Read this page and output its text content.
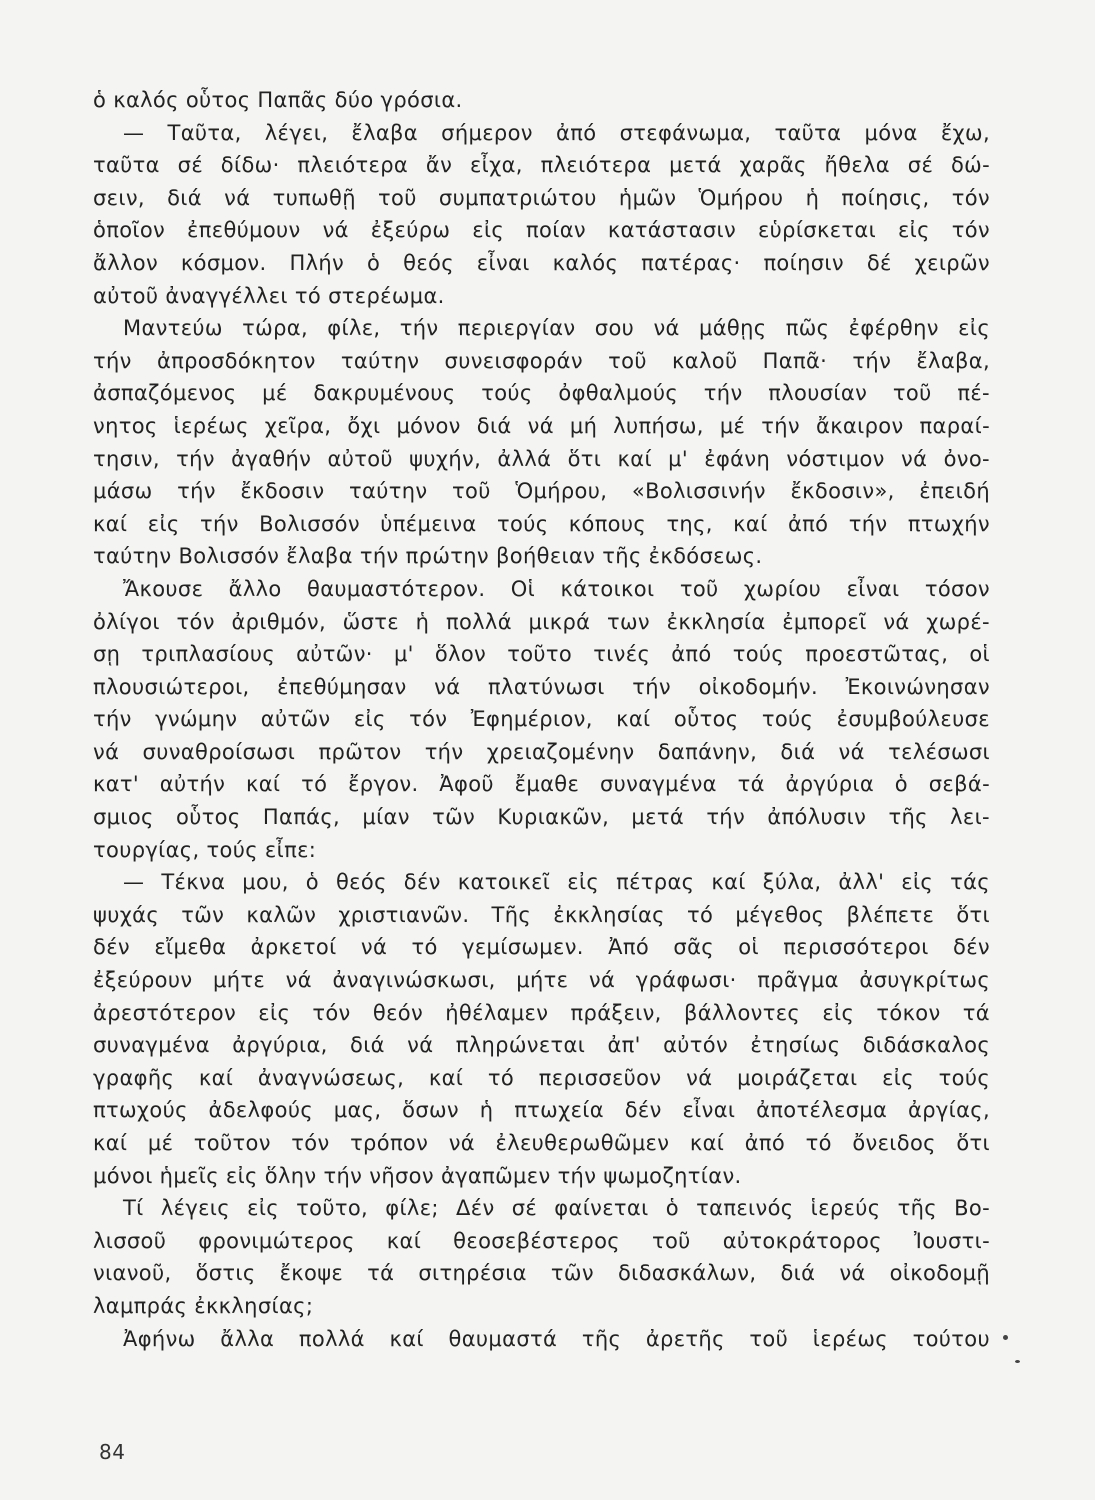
ὁ καλός οὗτος Παπᾶς δύο γρόσια.
— Ταῦτα, λέγει, ἔλαβα σήμερον ἀπό στεφάνωμα, ταῦτα μόνα ἔχω,
ταῦτα σέ δίδω· πλειότερα ἄν εἶχα, πλειότερα μετά χαρᾶς ἤθελα σέ δώ-
σειν, διά νά τυπωθῇ τοῦ συμπατριώτου ἡμῶν Ὁμήρου ἡ ποίησις, τόν
ὁποῖον ἐπεθύμουν νά ἐξεύρω εἰς ποίαν κατάστασιν εὑρίσκεται εἰς τόν
ἄλλον κόσμον. Πλήν ὁ θεός εἶναι καλός πατέρας· ποίησιν δέ χειρῶν
αὐτοῦ ἀναγγέλλει τό στερέωμα.
Μαντεύω τώρα, φίλε, τήν περιεργίαν σου νά μάθῃς πῶς ἐφέρθην εἰς
τήν ἀπροσδόκητον ταύτην συνεισφοράν τοῦ καλοῦ Παπᾶ· τήν ἔλαβα,
ἀσπαζόμενος μέ δακρυμένους τούς ὀφθαλμούς τήν πλουσίαν τοῦ πέ-
νητος ἱερέως χεῖρα, ὄχι μόνον διά νά μή λυπήσω, μέ τήν ἄκαιρον παραί-
τησιν, τήν ἀγαθήν αὐτοῦ ψυχήν, ἀλλά ὅτι καί μ' ἐφάνη νόστιμον νά ὀνο-
μάσω τήν ἔκδοσιν ταύτην τοῦ Ὁμήρου, «Βολισσινήν ἔκδοσιν», ἐπειδή
καί εἰς τήν Βολισσόν ὑπέμεινα τούς κόπους της, καί ἀπό τήν πτωχήν
ταύτην Βολισσόν ἔλαβα τήν πρώτην βοήθειαν τῆς ἐκδόσεως.
Ἄκουσε ἄλλο θαυμαστότερον. Οἱ κάτοικοι τοῦ χωρίου εἶναι τόσον
ὀλίγοι τόν ἀριθμόν, ὥστε ἡ πολλά μικρά των ἐκκλησία ἐμπορεῖ νά χωρέ-
σῃ τριπλασίους αὐτῶν· μ' ὅλον τοῦτο τινές ἀπό τούς προεστῶτας, οἱ
πλουσιώτεροι, ἐπεθύμησαν νά πλατύνωσι τήν οἰκοδομήν. Ἐκοινώνησαν
τήν γνώμην αὐτῶν εἰς τόν Ἐφημέριον, καί οὗτος τούς ἐσυμβούλευσε
νά συναθροίσωσι πρῶτον τήν χρειαζομένην δαπάνην, διά νά τελέσωσι
κατ' αὐτήν καί τό ἔργον. Ἀφοῦ ἔμαθε συναγμένα τά ἀργύρια ὁ σεβά-
σμιος οὗτος Παπάς, μίαν τῶν Κυριακῶν, μετά τήν ἀπόλυσιν τῆς λει-
τουργίας, τούς εἶπε:
— Τέκνα μου, ὁ θεός δέν κατοικεῖ εἰς πέτρας καί ξύλα, ἀλλ' εἰς τάς
ψυχάς τῶν καλῶν χριστιανῶν. Τῆς ἐκκλησίας τό μέγεθος βλέπετε ὅτι
δέν εἴμεθα ἀρκετοί νά τό γεμίσωμεν. Ἀπό σᾶς οἱ περισσότεροι δέν
ἐξεύρουν μήτε νά ἀναγινώσκωσι, μήτε νά γράφωσι· πρᾶγμα ἀσυγκρίτως
ἀρεστότερον εἰς τόν θεόν ἠθέλαμεν πράξειν, βάλλοντες εἰς τόκον τά
συναγμένα ἀργύρια, διά νά πληρώνεται ἀπ' αὐτόν ἐτησίως διδάσκαλος
γραφῆς καί ἀναγνώσεως, καί τό περισσεῦον νά μοιράζεται εἰς τούς
πτωχούς ἀδελφούς μας, ὅσων ἡ πτωχεία δέν εἶναι ἀποτέλεσμα ἀργίας,
καί μέ τοῦτον τόν τρόπον νά ἐλευθερωθῶμεν καί ἀπό τό ὄνειδος ὅτι
μόνοι ἡμεῖς εἰς ὅλην τήν νῆσον ἀγαπῶμεν τήν ψωμοζητίαν.
Τί λέγεις εἰς τοῦτο, φίλε; Δέν σέ φαίνεται ὁ ταπεινός ἱερεύς τῆς Βο-
λισσοῦ φρονιμώτερος καί θεοσεβέστερος τοῦ αὐτοκράτορος Ἰουστι-
νιανοῦ, ὅστις ἔκοψε τά σιτηρέσια τῶν διδασκάλων, διά νά οἰκοδομῇ
λαμπράς ἐκκλησίας;
Ἀφήνω ἄλλα πολλά καί θαυμαστά τῆς ἀρετῆς τοῦ ἱερέως τούτου
84
